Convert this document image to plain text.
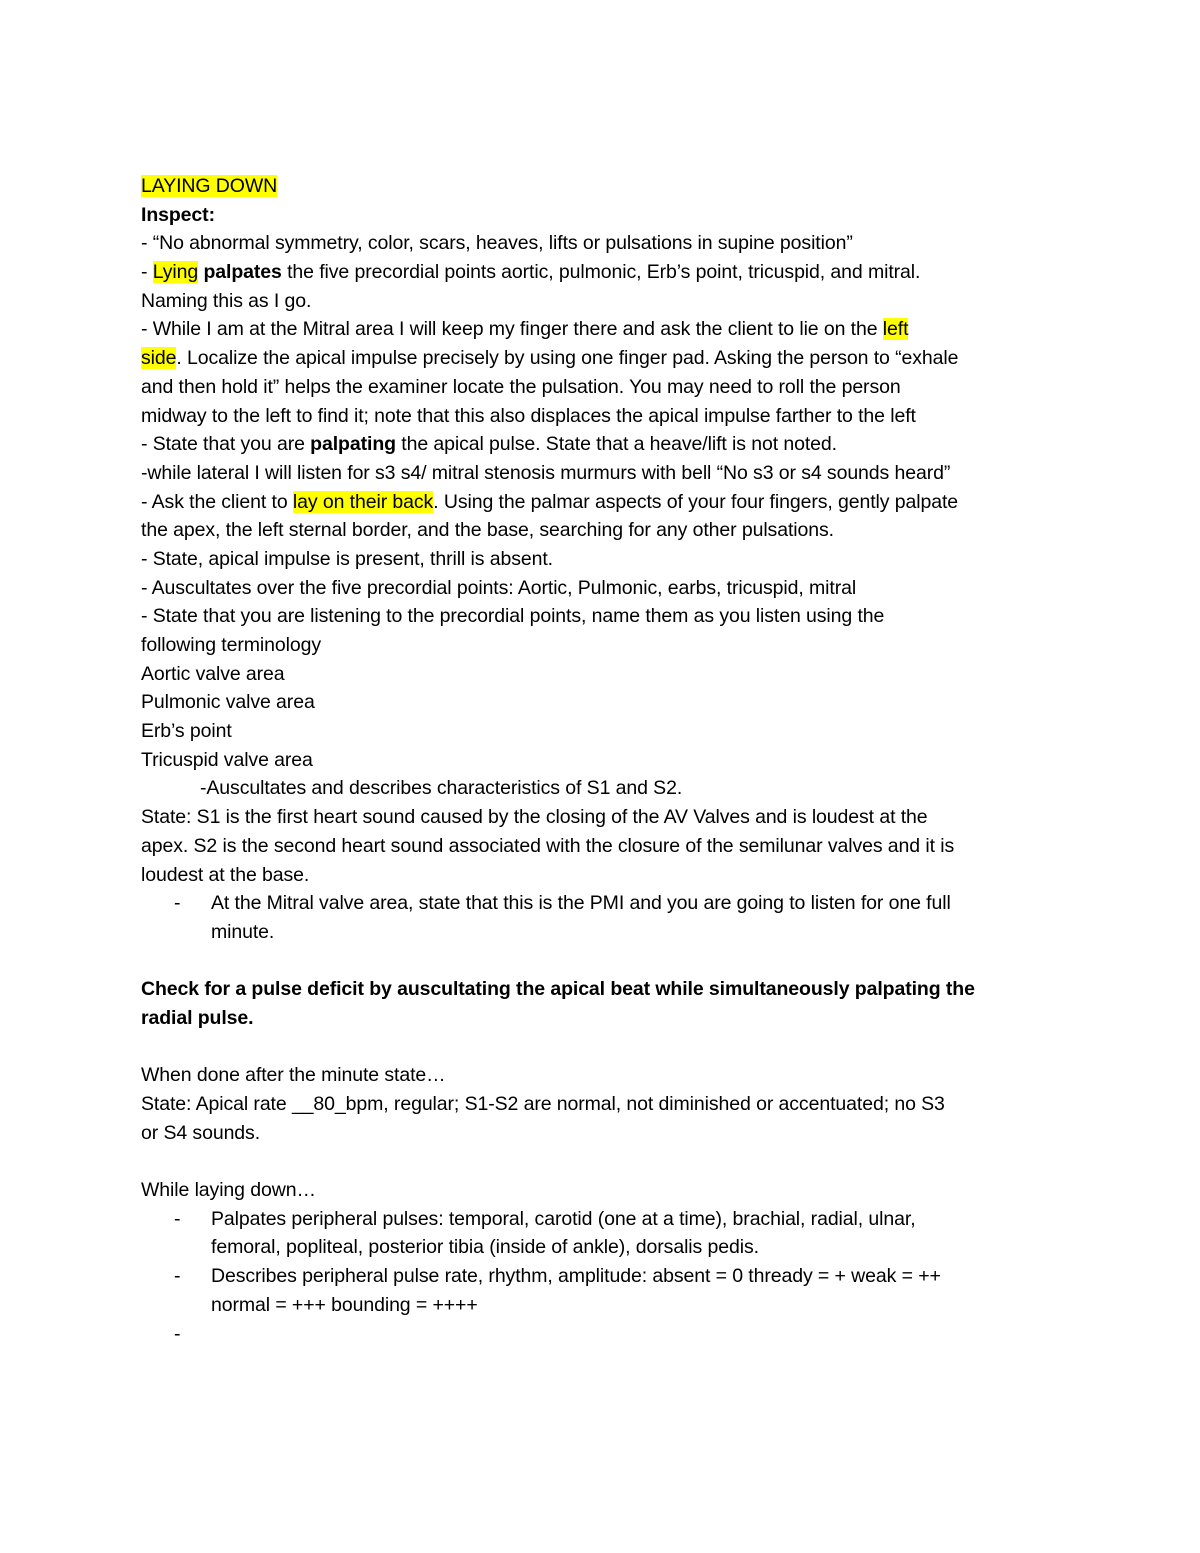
LAYING DOWN
Inspect:
- “No abnormal symmetry, color, scars, heaves, lifts or pulsations in supine position”
- Lying palpates the five precordial points aortic, pulmonic, Erb’s point, tricuspid, and mitral.
Naming this as I go.
- While I am at the Mitral area I will keep my finger there and ask the client to lie on the left
side. Localize the apical impulse precisely by using one finger pad. Asking the person to “exhale
and then hold it” helps the examiner locate the pulsation. You may need to roll the person
midway to the left to find it; note that this also displaces the apical impulse farther to the left
- State that you are palpating the apical pulse. State that a heave/lift is not noted.
-while lateral I will listen for s3 s4/ mitral stenosis murmurs with bell “No s3 or s4 sounds heard”
- Ask the client to lay on their back. Using the palmar aspects of your four fingers, gently palpate
the apex, the left sternal border, and the base, searching for any other pulsations.
- State, apical impulse is present, thrill is absent.
- Auscultates over the five precordial points: Aortic, Pulmonic, earbs, tricuspid, mitral
- State that you are listening to the precordial points, name them as you listen using the
following terminology
Aortic valve area
Pulmonic valve area
Erb’s point
Tricuspid valve area
-Auscultates and describes characteristics of S1 and S2.
State: S1 is the first heart sound caused by the closing of the AV Valves and is loudest at the
apex. S2 is the second heart sound associated with the closure of the semilunar valves and it is
loudest at the base.
- At the Mitral valve area, state that this is the PMI and you are going to listen for one full
minute.
Check for a pulse deficit by auscultating the apical beat while simultaneously palpating the
radial pulse.
When done after the minute state…
State: Apical rate __80_bpm, regular; S1-S2 are normal, not diminished or accentuated; no S3
or S4 sounds.
While laying down…
- Palpates peripheral pulses: temporal, carotid (one at a time), brachial, radial, ulnar,
femoral, popliteal, posterior tibia (inside of ankle), dorsalis pedis.
- Describes peripheral pulse rate, rhythm, amplitude: absent = 0 thready = + weak = ++
normal = +++ bounding = ++++
-
